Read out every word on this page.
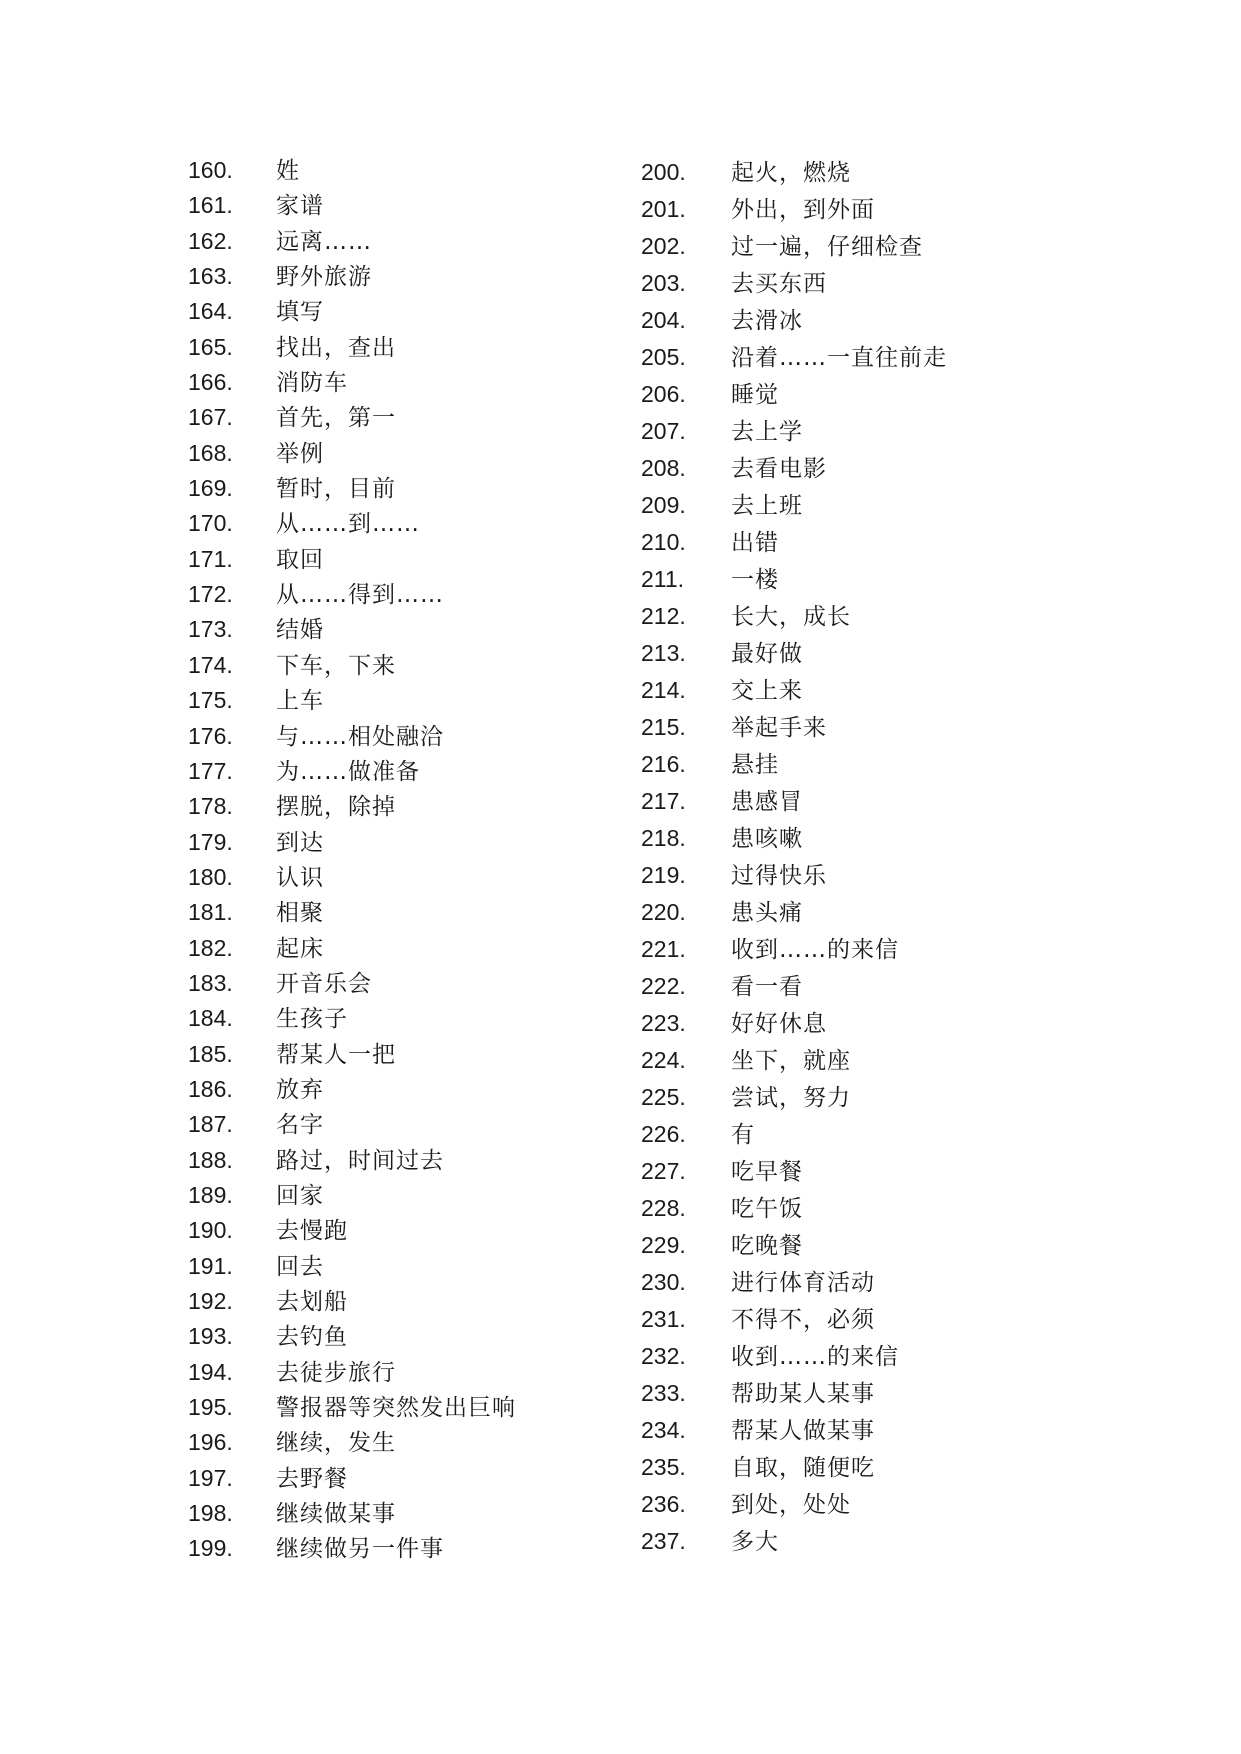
160. 姓
161. 家谱
162. 远离……
163. 野外旅游
164. 填写
165. 找出，查出
166. 消防车
167. 首先，第一
168. 举例
169. 暂时，目前
170. 从……到……
171. 取回
172. 从……得到……
173. 结婚
174. 下车，下来
175. 上车
176. 与……相处融洽
177. 为……做准备
178. 摆脱，除掉
179. 到达
180. 认识
181. 相聚
182. 起床
183. 开音乐会
184. 生孩子
185. 帮某人一把
186. 放弃
187. 名字
188. 路过，时间过去
189. 回家
190. 去慢跑
191. 回去
192. 去划船
193. 去钓鱼
194. 去徒步旅行
195. 警报器等突然发出巨响
196. 继续，发生
197. 去野餐
198. 继续做某事
199. 继续做另一件事
200. 起火，燃烧
201. 外出，到外面
202. 过一遍，仔细检查
203. 去买东西
204. 去滑冰
205. 沿着……一直往前走
206. 睡觉
207. 去上学
208. 去看电影
209. 去上班
210. 出错
211. 一楼
212. 长大，成长
213. 最好做
214. 交上来
215. 举起手来
216. 悬挂
217. 患感冒
218. 患咳嗽
219. 过得快乐
220. 患头痛
221. 收到……的来信
222. 看一看
223. 好好休息
224. 坐下，就座
225. 尝试，努力
226. 有
227. 吃早餐
228. 吃午饭
229. 吃晚餐
230. 进行体育活动
231. 不得不，必须
232. 收到……的来信
233. 帮助某人某事
234. 帮某人做某事
235. 自取，随便吃
236. 到处，处处
237. 多大
